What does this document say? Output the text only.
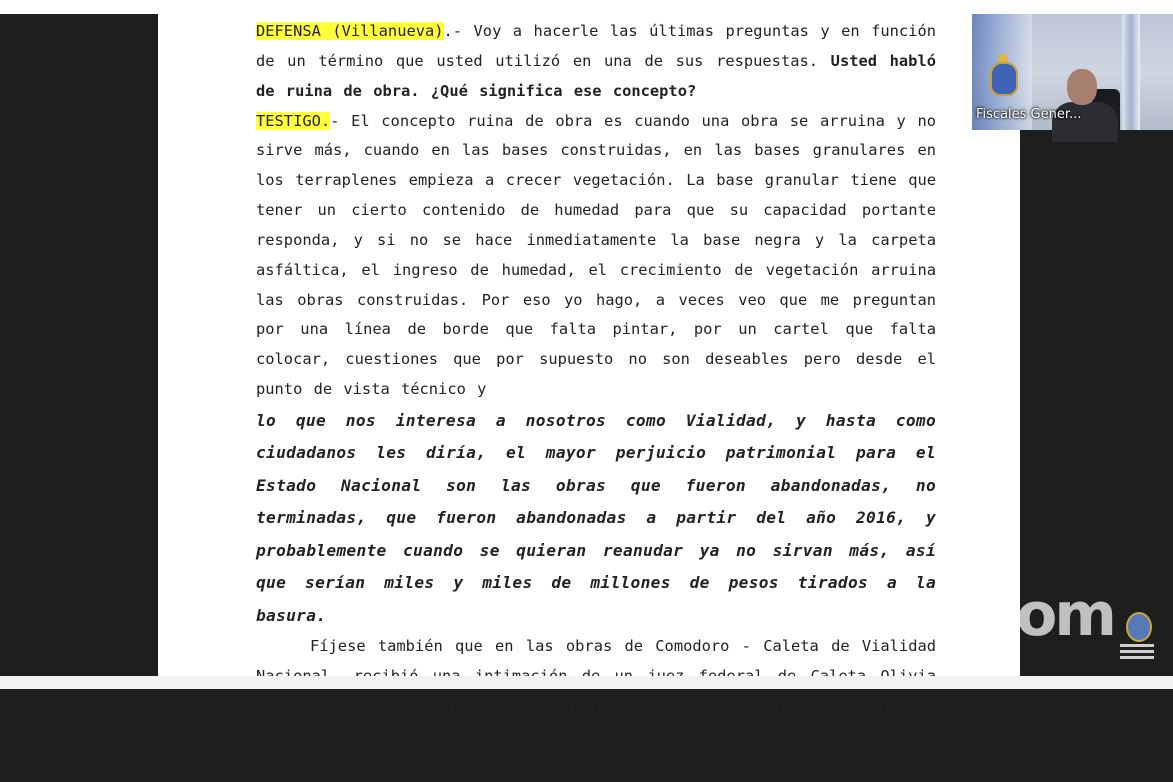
DEFENSA (Villanueva).- Voy a hacerle las últimas preguntas y en función de un término que usted utilizó en una de sus respuestas. Usted habló de ruina de obra. ¿Qué significa ese concepto?

TESTIGO.- El concepto ruina de obra es cuando una obra se arruina y no sirve más, cuando en las bases construidas, en las bases granulares en los terraplenes empieza a crecer vegetación. La base granular tiene que tener un cierto contenido de humedad para que su capacidad portante responda, y si no se hace inmediatamente la base negra y la carpeta asfáltica, el ingreso de humedad, el crecimiento de vegetación arruina las obras construidas. Por eso yo hago, a veces veo que me preguntan por una línea de borde que falta pintar, por un cartel que falta colocar, cuestiones que por supuesto no son deseables pero desde el punto de vista técnico y

lo que nos interesa a nosotros como Vialidad, y hasta como ciudadanos les diría, el mayor perjuicio patrimonial para el Estado Nacional son las obras que fueron abandonadas, no terminadas, que fueron abandonadas a partir del año 2016, y probablemente cuando se quieran reanudar ya no sirvan más, así que serían miles y miles de millones de pesos tirados a la basura.

Fíjese también que en las obras de Comodoro - Caleta de Vialidad porque era tal el grado de deterioro que tenía la ruta existente que se había tornado realmente peligrosa la circulación, en una zona que además

Fiscales Gener...
zoom
